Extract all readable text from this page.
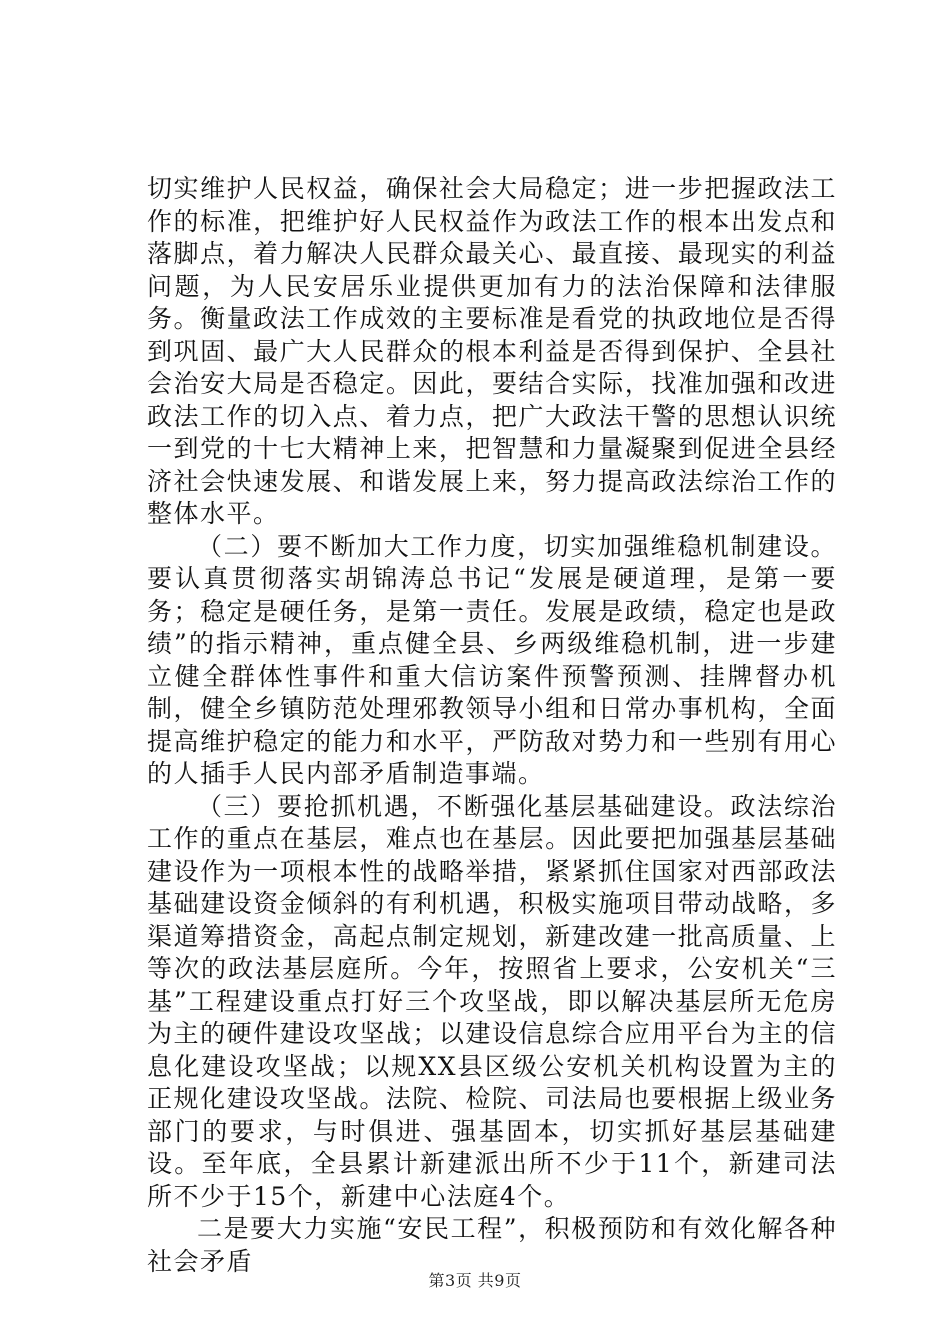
切实维护人民权益，确保社会大局稳定；进一步把握政法工作的标准，把维护好人民权益作为政法工作的根本出发点和落脚点，着力解决人民群众最关心、最直接、最现实的利益问题，为人民安居乐业提供更加有力的法治保障和法律服务。衡量政法工作成效的主要标准是看党的执政地位是否得到巩固、最广大人民群众的根本利益是否得到保护、全县社会治安大局是否稳定。因此，要结合实际，找准加强和改进政法工作的切入点、着力点，把广大政法干警的思想认识统一到党的十七大精神上来，把智慧和力量凝聚到促进全县经济社会快速发展、和谐发展上来，努力提高政法综治工作的整体水平。

（二）要不断加大工作力度，切实加强维稳机制建设。要认真贯彻落实胡锦涛总书记“发展是硬道理，是第一要务；稳定是硬任务，是第一责任。发展是政绩，稳定也是政绩”的指示精神，重点健全县、乡两级维稳机制，进一步建立健全群体性事件和重大信访案件预警预测、挂牌督办机制，健全乡镇防范处理邪教领导小组和日常办事机构，全面提高维护稳定的能力和水平，严防敌对势力和一些别有用心的人插手人民内部矛盾制造事端。

（三）要抢抓机遇，不断强化基层基础建设。政法综治工作的重点在基层，难点也在基层。因此要把加强基层基础建设作为一项根本性的战略举措，紧紧抓住国家对西部政法基础建设资金倾斜的有利机遇，积极实施项目带动战略，多渠道筹措资金，高起点制定规划，新建改建一批高质量、上等次的政法基层庭所。今年，按照省上要求，公安机关“三基”工程建设重点打好三个攻坚战，即以解决基层所无危房为主的硬件建设攻坚战；以建设信息综合应用平台为主的信息化建设攻坚战；以规XX县区级公安机关机构设置为主的正规化建设攻坚战。法院、检院、司法局也要根据上级业务部门的要求，与时俱进、强基固本，切实抓好基层基础建设。至年底，全县累计新建派出所不少于11个，新建司法所不少于15个，新建中心法庭4个。

二是要大力实施“安民工程”，积极预防和有效化解各种社会矛盾

第3页 共9页
